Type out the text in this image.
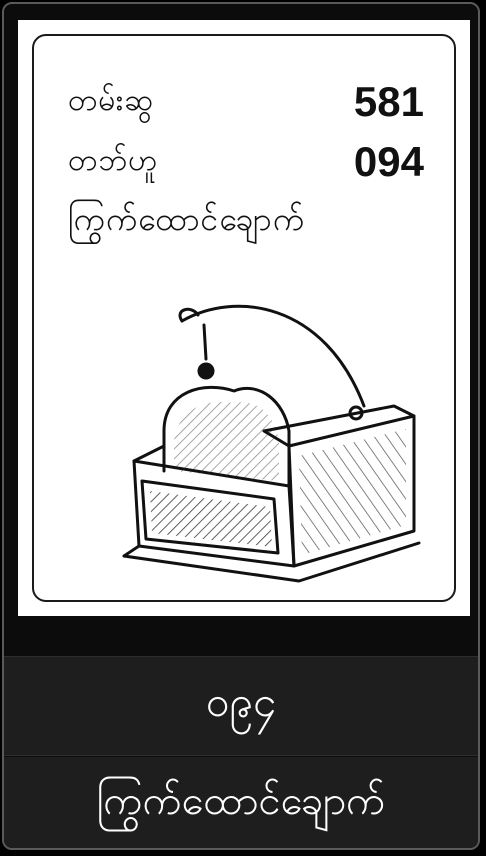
တမ်းဆွ	581
တဘ်ဟူ	094
ကြွက်ထောင်ချောက်
၀၉၄
ကြွက်ထောင်ချောက်
